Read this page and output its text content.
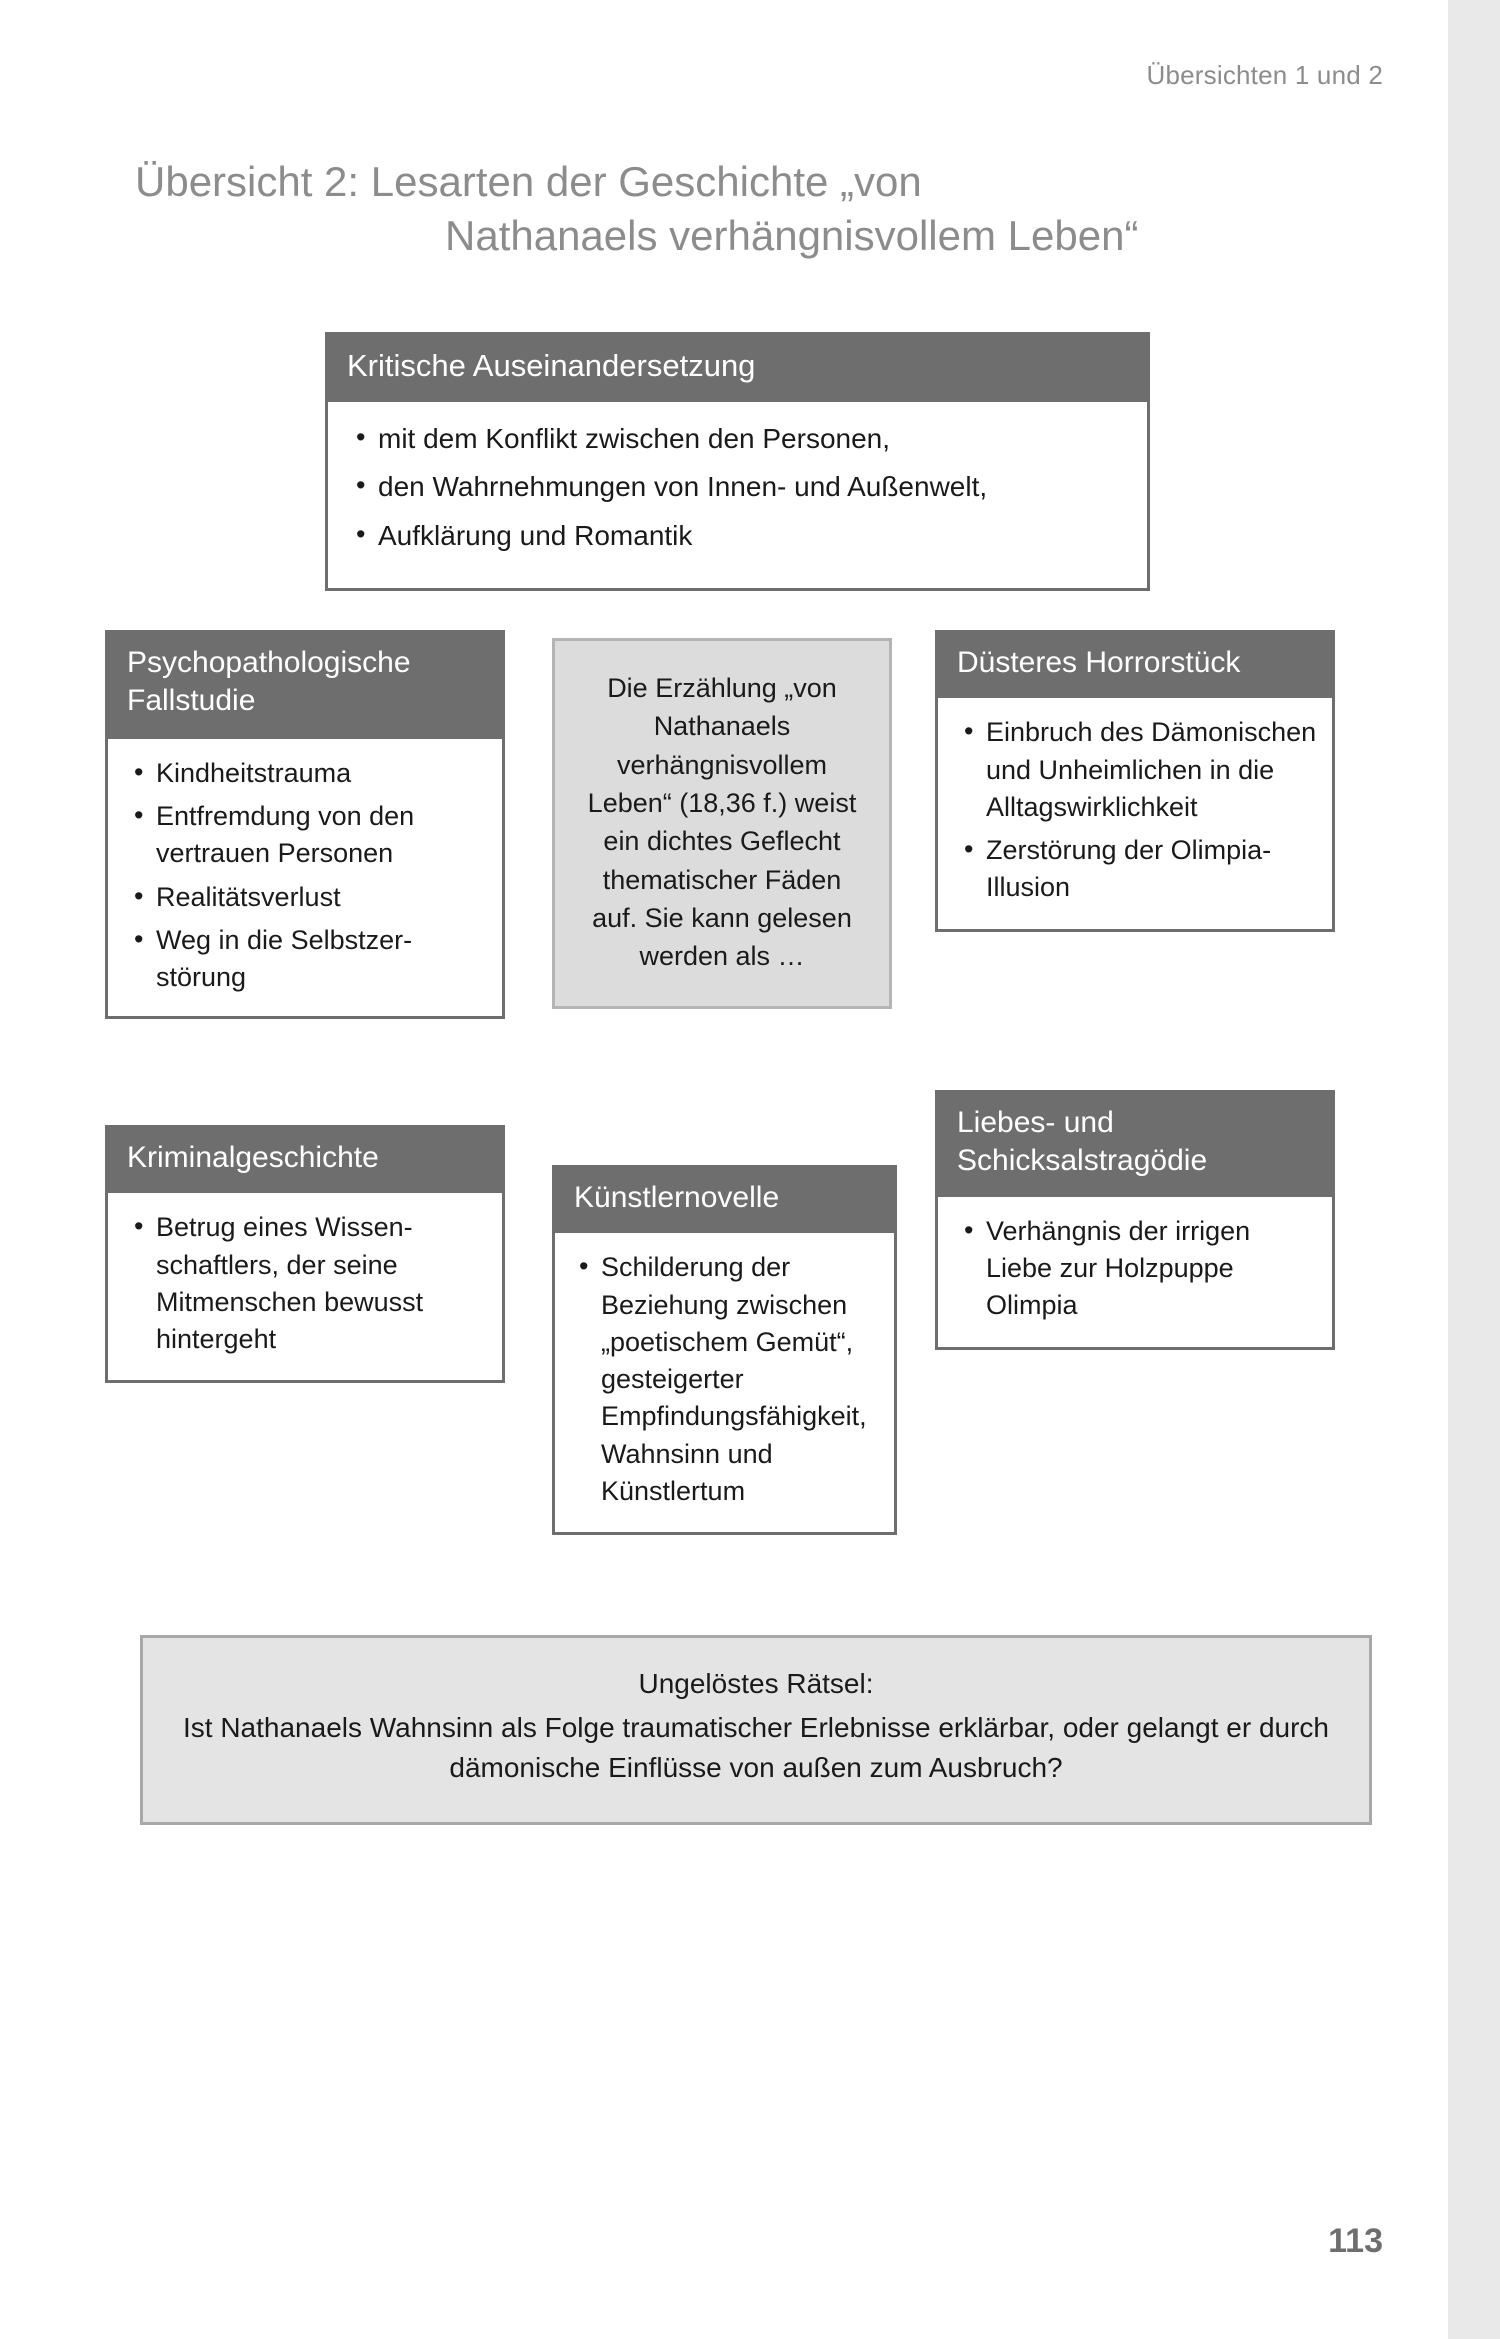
Übersichten 1 und 2
Übersicht 2: Lesarten der Geschichte „von
Nathanaels verhängnisvollem Leben“
Kritische Auseinandersetzung
• mit dem Konflikt zwischen den Personen,
• den Wahrnehmungen von Innen- und Außenwelt,
• Aufklärung und Romantik
Psychopathologische Fallstudie
• Kindheitstrauma
• Entfremdung von den vertrauen Personen
• Realitätsverlust
• Weg in die Selbstzerstörung
Kriminalgeschichte
• Betrug eines Wissenschaftlers, der seine Mitmenschen bewusst hintergeht
Die Erzählung „von Nathanaels verhängnisvollem Leben“ (18,36 f.) weist ein dichtes Geflecht thematischer Fäden auf. Sie kann gelesen werden als …
Künstlernovelle
• Schilderung der Beziehung zwischen „poetischem Gemüt“, gesteigerter Empfindungsfähigkeit, Wahnsinn und Künstlertum
Düsteres Horrorstück
• Einbruch des Dämonischen und Unheimlichen in die Alltagswirklichkeit
• Zerstörung der Olimpia-Illusion
Liebes- und Schicksalstragödie
• Verhängnis der irrigen Liebe zur Holzpuppe Olimpia
Ungelöstes Rätsel:
Ist Nathanaels Wahnsinn als Folge traumatischer Erlebnisse erklärbar, oder gelangt er durch dämonische Einflüsse von außen zum Ausbruch?
113
